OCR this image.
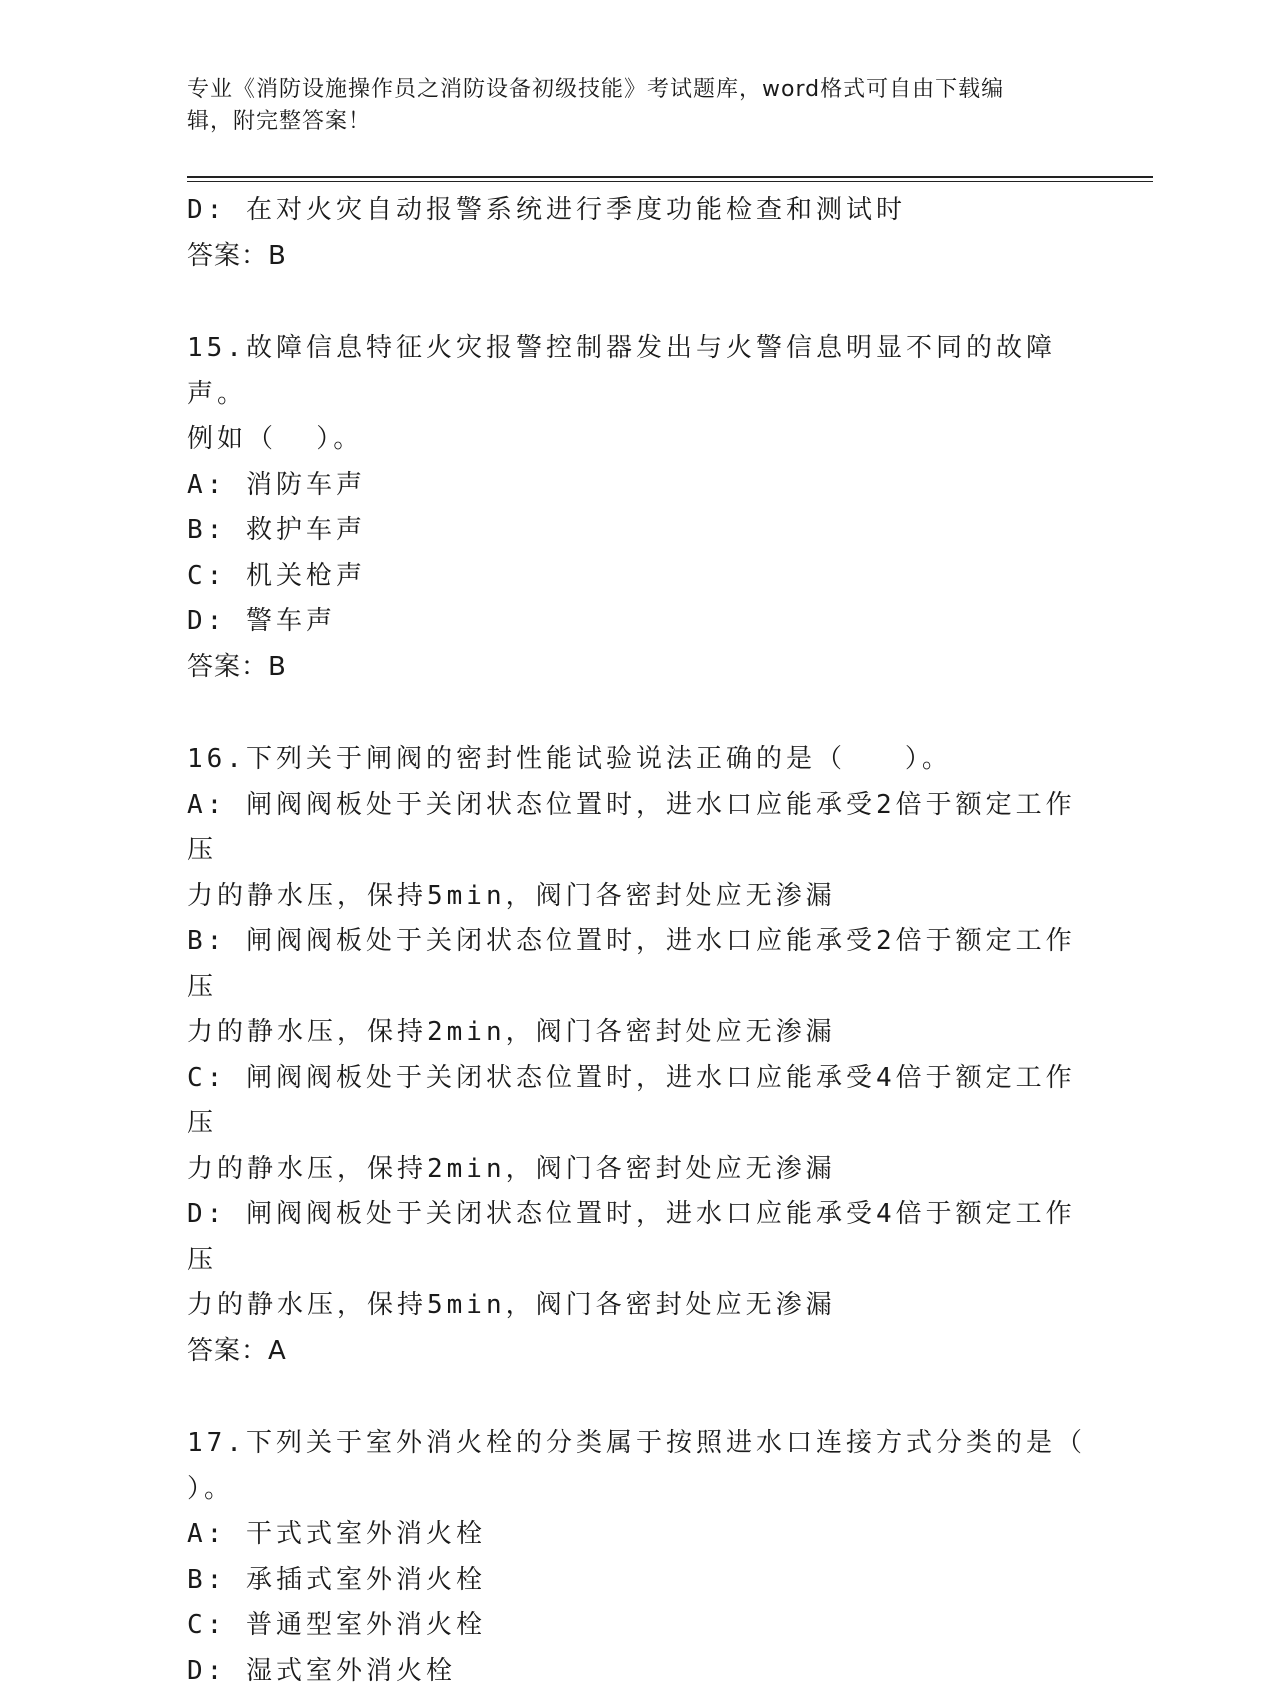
专业《消防设施操作员之消防设备初级技能》考试题库，word格式可自由下载编
辑，附完整答案！

D: 在对火灾自动报警系统进行季度功能检查和测试时

答案：B

15.故障信息特征火灾报警控制器发出与火警信息明显不同的故障声。

例如（  ）。

A: 消防车声

B: 救护车声

C: 机关枪声

D: 警车声

答案：B

16.下列关于闸阀的密封性能试验说法正确的是（   ）。

A: 闸阀阀板处于关闭状态位置时，进水口应能承受2倍于额定工作压

力的静水压，保持5min，阀门各密封处应无渗漏

B: 闸阀阀板处于关闭状态位置时，进水口应能承受2倍于额定工作压

力的静水压，保持2min，阀门各密封处应无渗漏

C: 闸阀阀板处于关闭状态位置时，进水口应能承受4倍于额定工作压

力的静水压，保持2min，阀门各密封处应无渗漏

D: 闸阀阀板处于关闭状态位置时，进水口应能承受4倍于额定工作压

力的静水压，保持5min，阀门各密封处应无渗漏

答案：A

17.下列关于室外消火栓的分类属于按照进水口连接方式分类的是（

）。

A: 干式式室外消火栓

B: 承插式室外消火栓

C: 普通型室外消火栓

D: 湿式室外消火栓
